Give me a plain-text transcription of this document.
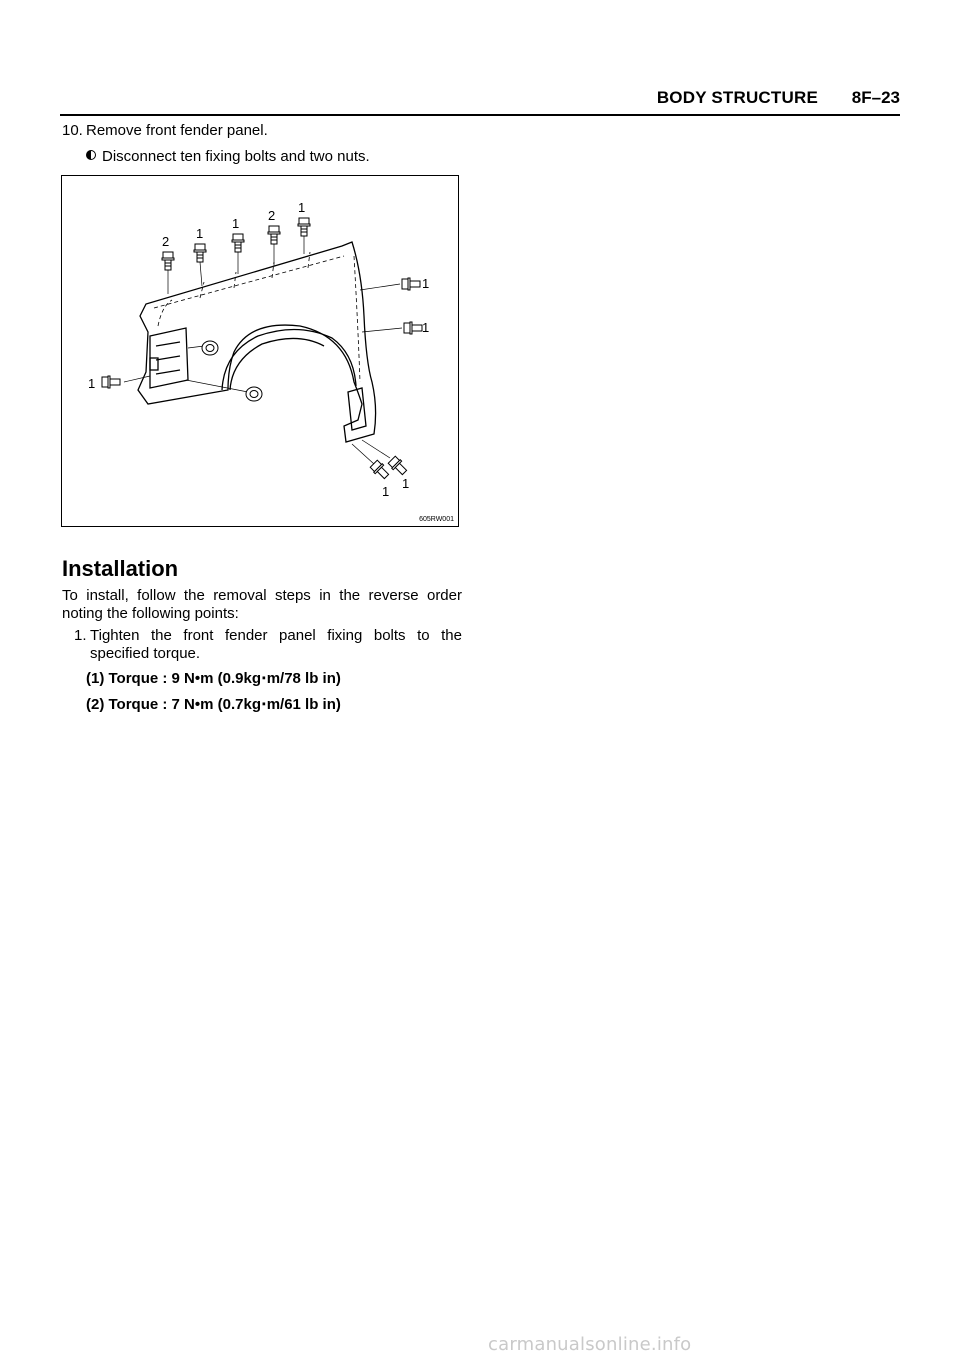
BODY STRUCTURE 8F–23
10. Remove front fender panel.
Disconnect ten fixing bolts and two nuts.
2
1
1
2
1
1
1
1
1
1
605RW001
Installation
To install, follow the removal steps in the reverse order noting the following points:
1. Tighten the front fender panel fixing bolts to the specified torque.
(1) Torque : 9 N•m (0.9kg⋅m/78 lb in)
(2) Torque : 7 N•m (0.7kg⋅m/61 lb in)
carmanualsonline.info
